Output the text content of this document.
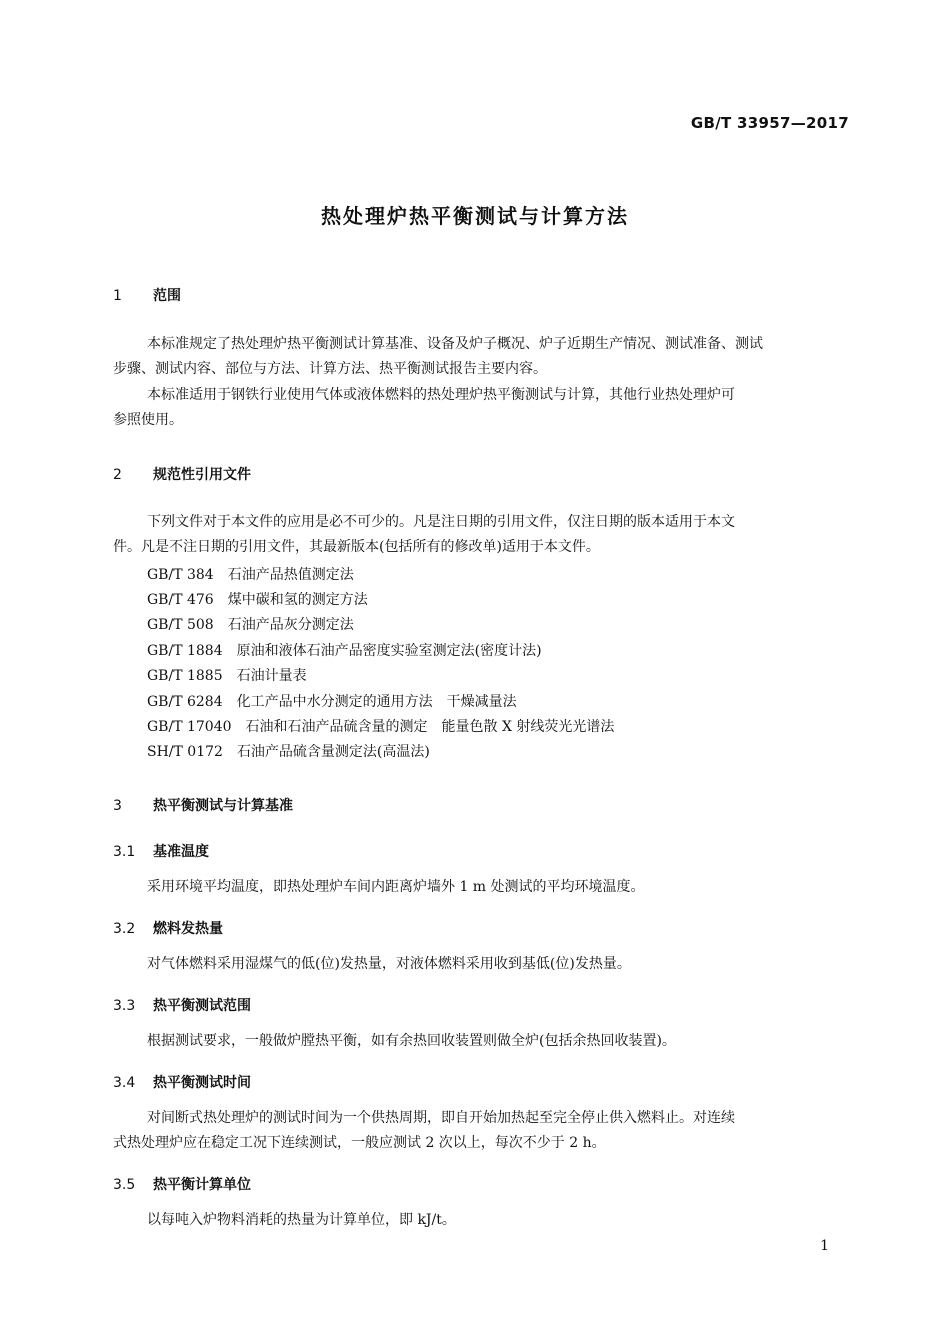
GB/T 33957—2017
热处理炉热平衡测试与计算方法
1 范围
本标准规定了热处理炉热平衡测试计算基准、设备及炉子概况、炉子近期生产情况、测试准备、测试
步骤、测试内容、部位与方法、计算方法、热平衡测试报告主要内容。
本标准适用于钢铁行业使用气体或液体燃料的热处理炉热平衡测试与计算，其他行业热处理炉可
参照使用。
2 规范性引用文件
下列文件对于本文件的应用是必不可少的。凡是注日期的引用文件，仅注日期的版本适用于本文
件。凡是不注日期的引用文件，其最新版本(包括所有的修改单)适用于本文件。
GB/T 384 石油产品热值测定法
GB/T 476 煤中碳和氢的测定方法
GB/T 508 石油产品灰分测定法
GB/T 1884 原油和液体石油产品密度实验室测定法(密度计法)
GB/T 1885 石油计量表
GB/T 6284 化工产品中水分测定的通用方法　干燥减量法
GB/T 17040 石油和石油产品硫含量的测定　能量色散 X 射线荧光光谱法
SH/T 0172 石油产品硫含量测定法(高温法)
3 热平衡测试与计算基准
3.1 基准温度
采用环境平均温度，即热处理炉车间内距离炉墙外 1 m 处测试的平均环境温度。
3.2 燃料发热量
对气体燃料采用湿煤气的低(位)发热量，对液体燃料采用收到基低(位)发热量。
3.3 热平衡测试范围
根据测试要求，一般做炉膛热平衡，如有余热回收装置则做全炉(包括余热回收装置)。
3.4 热平衡测试时间
对间断式热处理炉的测试时间为一个供热周期，即自开始加热起至完全停止供入燃料止。对连续
式热处理炉应在稳定工况下连续测试，一般应测试 2 次以上，每次不少于 2 h。
3.5 热平衡计算单位
以每吨入炉物料消耗的热量为计算单位，即 kJ/t。
1
